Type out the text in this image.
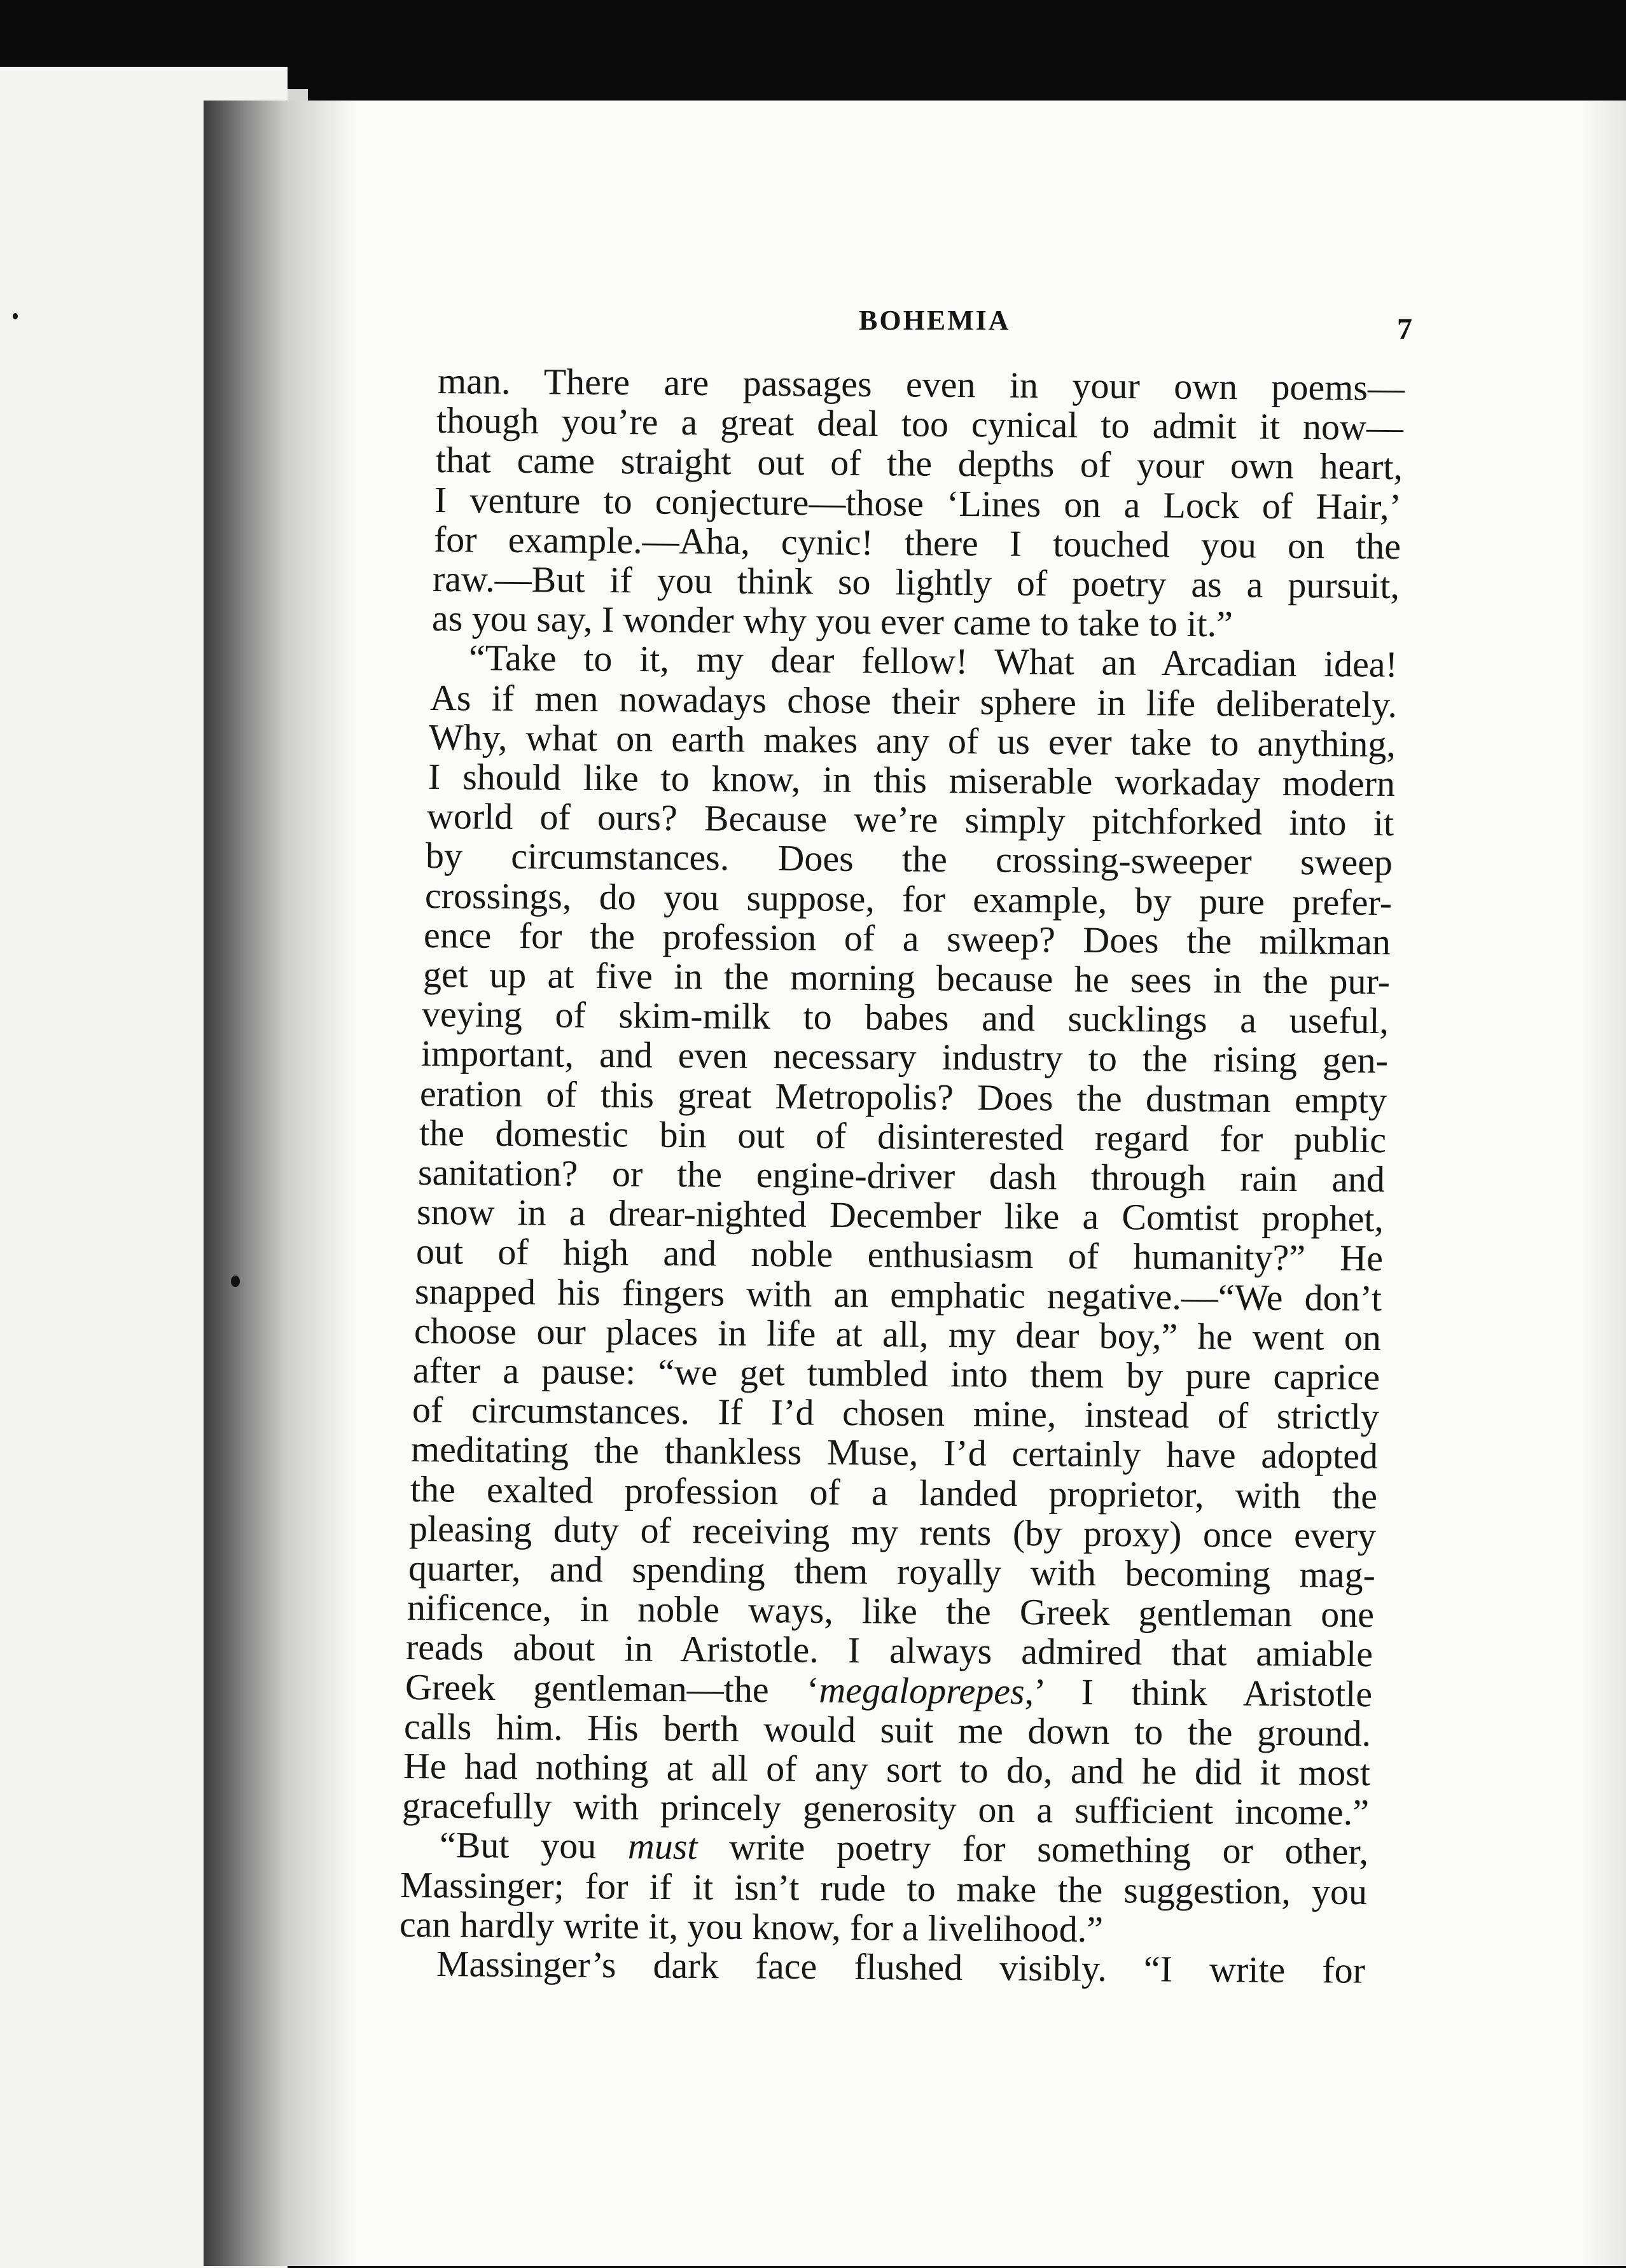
BOHEMIA	7
man. There are passages even in your own poems—
though you’re a great deal too cynical to admit it now—
that came straight out of the depths of your own heart,
I venture to conjecture—those ‘Lines on a Lock of Hair,’
for example.—Aha, cynic! there I touched you on the
raw.—But if you think so lightly of poetry as a pursuit,
as you say, I wonder why you ever came to take to it.”
“Take to it, my dear fellow! What an Arcadian idea!
As if men nowadays chose their sphere in life deliberately.
Why, what on earth makes any of us ever take to anything,
I should like to know, in this miserable workaday modern
world of ours? Because we’re simply pitchforked into it
by circumstances. Does the crossing-sweeper sweep
crossings, do you suppose, for example, by pure prefer-
ence for the profession of a sweep? Does the milkman
get up at five in the morning because he sees in the pur-
veying of skim-milk to babes and sucklings a useful,
important, and even necessary industry to the rising gen-
eration of this great Metropolis? Does the dustman empty
the domestic bin out of disinterested regard for public
sanitation? or the engine-driver dash through rain and
snow in a drear-nighted December like a Comtist prophet,
out of high and noble enthusiasm of humanity?” He
snapped his fingers with an emphatic negative.—“We don’t
choose our places in life at all, my dear boy,” he went on
after a pause: “we get tumbled into them by pure caprice
of circumstances. If I’d chosen mine, instead of strictly
meditating the thankless Muse, I’d certainly have adopted
the exalted profession of a landed proprietor, with the
pleasing duty of receiving my rents (by proxy) once every
quarter, and spending them royally with becoming mag-
nificence, in noble ways, like the Greek gentleman one
reads about in Aristotle. I always admired that amiable
Greek gentleman—the ‘megaloprepes,’ I think Aristotle
calls him. His berth would suit me down to the ground.
He had nothing at all of any sort to do, and he did it most
gracefully with princely generosity on a sufficient income.”
“But you must write poetry for something or other,
Massinger; for if it isn’t rude to make the suggestion, you
can hardly write it, you know, for a livelihood.”
Massinger’s dark face flushed visibly. “I write for
